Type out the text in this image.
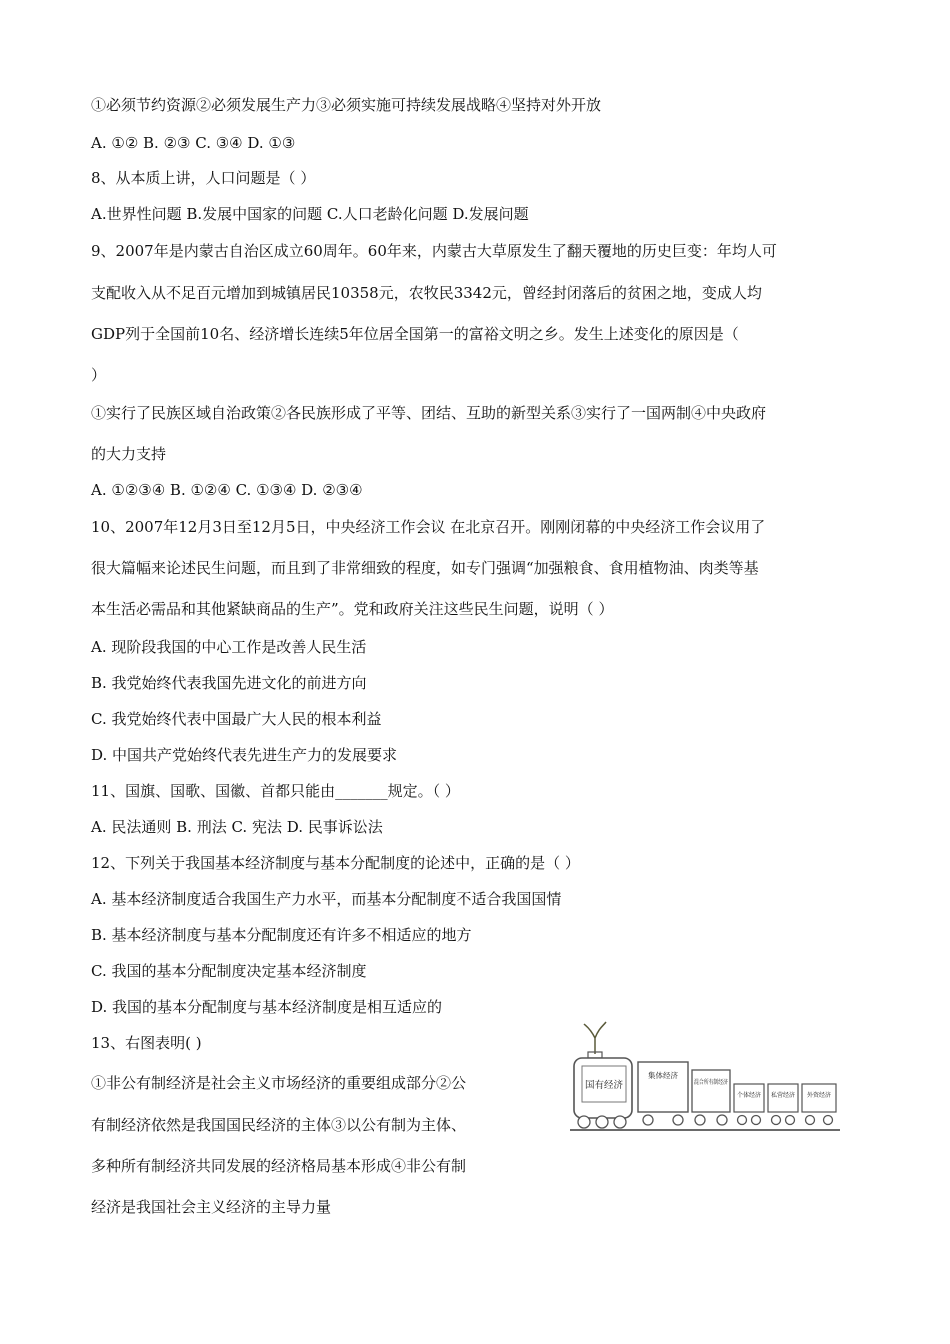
①必须节约资源②必须发展生产力③必须实施可持续发展战略④坚持对外开放
A. ①② B. ②③ C. ③④ D. ①③
8、从本质上讲，人口问题是（ ）
A.世界性问题 B.发展中国家的问题 C.人口老龄化问题 D.发展问题
9、2007年是内蒙古自治区成立60周年。60年来，内蒙古大草原发生了翻天覆地的历史巨变：年均人可
支配收入从不足百元增加到城镇居民10358元，农牧民3342元，曾经封闭落后的贫困之地，变成人均
GDP列于全国前10名、经济增长连续5年位居全国第一的富裕文明之乡。发生上述变化的原因是（
）
①实行了民族区域自治政策②各民族形成了平等、团结、互助的新型关系③实行了一国两制④中央政府
的大力支持
A. ①②③④ B. ①②④ C. ①③④ D. ②③④
10、2007年12月3日至12月5日，中央经济工作会议 在北京召开。刚刚闭幕的中央经济工作会议用了
很大篇幅来论述民生问题，而且到了非常细致的程度，如专门强调“加强粮食、食用植物油、肉类等基
本生活必需品和其他紧缺商品的生产”。党和政府关注这些民生问题，说明（ ）
A. 现阶段我国的中心工作是改善人民生活
B. 我党始终代表我国先进文化的前进方向
C. 我党始终代表中国最广大人民的根本利益
D. 中国共产党始终代表先进生产力的发展要求
11、国旗、国歌、国徽、首都只能由_______规定。（ ）
A. 民法通则 B. 刑法 C. 宪法 D. 民事诉讼法
12、下列关于我国基本经济制度与基本分配制度的论述中，正确的是（ ）
A. 基本经济制度适合我国生产力水平，而基本分配制度不适合我国国情
B. 基本经济制度与基本分配制度还有许多不相适应的地方
C. 我国的基本分配制度决定基本经济制度
D. 我国的基本分配制度与基本经济制度是相互适应的
13、右图表明( )
①非公有制经济是社会主义市场经济的重要组成部分②公
有制经济依然是我国国民经济的主体③以公有制为主体、
多种所有制经济共同发展的经济格局基本形成④非公有制
经济是我国社会主义经济的主导力量
国有经济
集体经济
混合所有制经济
个体经济 私营经济 外资经济
